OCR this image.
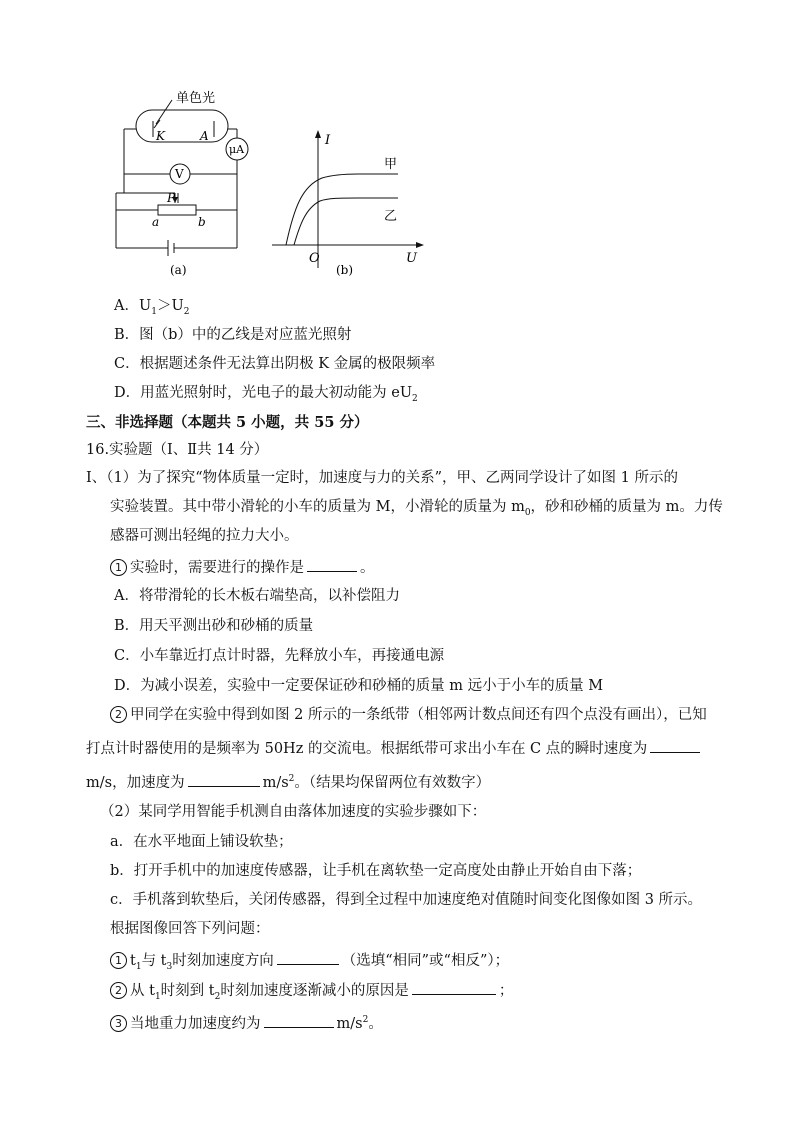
单色光
K	A
μA
V
P
a	b
(a)
I
U
O
甲
乙
(b)
A．$U_1>U_2$
B．图（b）中的乙线是对应蓝光照射
C．根据题述条件无法算出阴极 K 金属的极限频率
D．用蓝光照射时，光电子的最大初动能为 $eU_2$
三、非选择题（本题共 5 小题，共 55 分）
16.实验题（Ⅰ、Ⅱ共 14 分）
Ⅰ、（1）为了探究“物体质量一定时，加速度与力的关系”，甲、乙两同学设计了如图 1 所示的
实验装置。其中带小滑轮的小车的质量为 M，小滑轮的质量为 $m_0$，砂和砂桶的质量为 m。力传
感器可测出轻绳的拉力大小。
1 实验时，需要进行的操作是	。
A．将带滑轮的长木板右端垫高，以补偿阻力
B．用天平测出砂和砂桶的质量
C．小车靠近打点计时器，先释放小车，再接通电源
D．为减小误差，实验中一定要保证砂和砂桶的质量 m 远小于小车的质量 M
2 甲同学在实验中得到如图 2 所示的一条纸带（相邻两计数点间还有四个点没有画出），已知
打点计时器使用的是频率为 50Hz 的交流电。根据纸带可求出小车在 C 点的瞬时速度为
m/s，加速度为	$m/s^2$。（结果均保留两位有效数字）
（2）某同学用智能手机测自由落体加速度的实验步骤如下：
a．在水平地面上铺设软垫；
b．打开手机中的加速度传感器，让手机在离软垫一定高度处由静止开始自由下落；
c．手机落到软垫后，关闭传感器，得到全过程中加速度绝对值随时间变化图像如图 3 所示。
根据图像回答下列问题：
1 $t_1$与 $t_3$时刻加速度方向	（选填“相同”或“相反”）；
2 从 $t_1$时刻到 $t_2$时刻加速度逐渐减小的原因是	；
3 当地重力加速度约为	$m/s^2$。
